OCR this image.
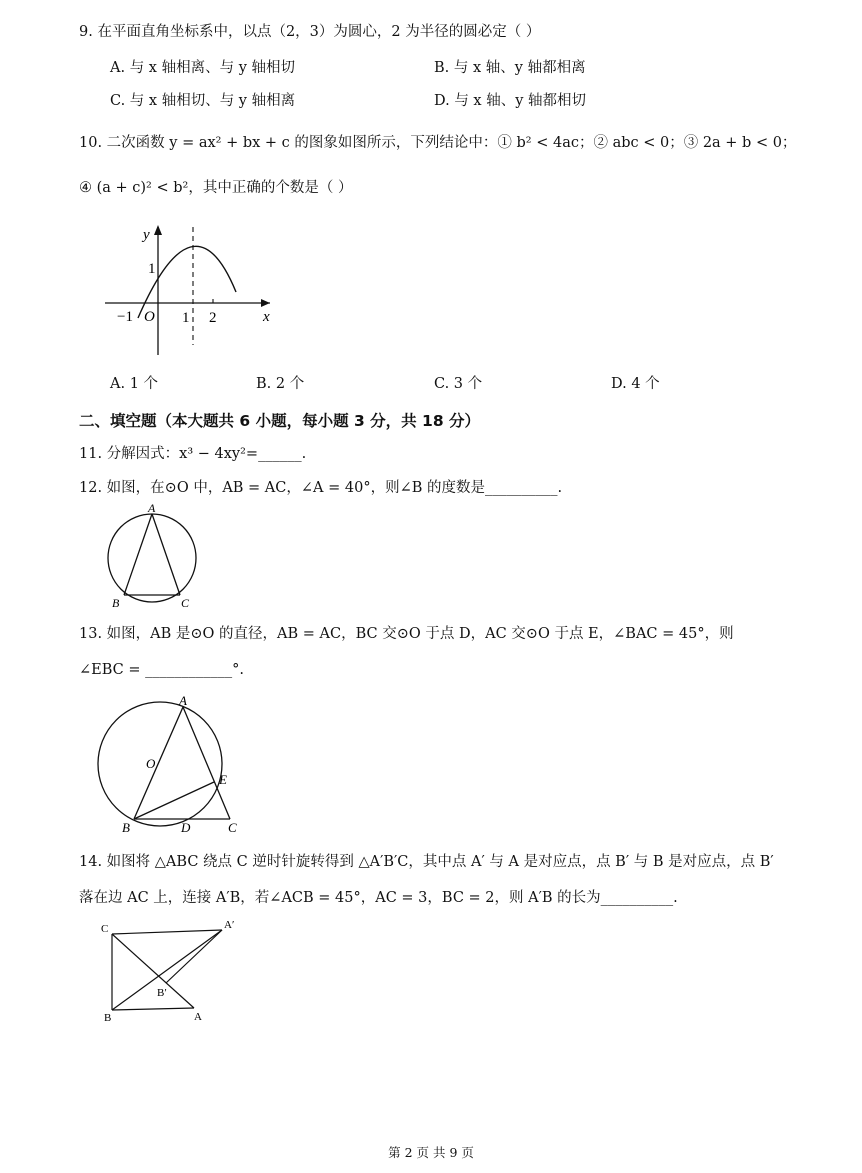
9. 在平面直角坐标系中，以点（2，3）为圆心，2 为半径的圆必定（ ）
A. 与 x 轴相离、与 y 轴相切	B. 与 x 轴、y 轴都相离
C. 与 x 轴相切、与 y 轴相离	D. 与 x 轴、y 轴都相切
10. 二次函数 y = ax² + bx + c 的图象如图所示，下列结论中：① b² < 4ac；② abc < 0；③ 2a + b < 0；
④ (a + c)² < b²，其中正确的个数是（ ）
y
x
1
−1 O 1 2
A. 1 个	B. 2 个	C. 3 个	D. 4 个
二、填空题（本大题共 6 小题，每小题 3 分，共 18 分）
11. 分解因式：x³ − 4xy²=______.
12. 如图，在⊙O 中，AB = AC，∠A = 40°，则∠B 的度数是__________.
A
B	C
13. 如图，AB 是⊙O 的直径，AB = AC，BC 交⊙O 于点 D，AC 交⊙O 于点 E，∠BAC = 45°，则
∠EBC = ____________°.
A
O
E
B	D	C
14. 如图将 △ABC 绕点 C 逆时针旋转得到 △A′B′C，其中点 A′ 与 A 是对应点，点 B′ 与 B 是对应点，点 B′
落在边 AC 上，连接 A′B，若∠ACB = 45°，AC = 3，BC = 2，则 A′B 的长为__________.
C	A′
B′
B	A
第 2 页 共 9 页
